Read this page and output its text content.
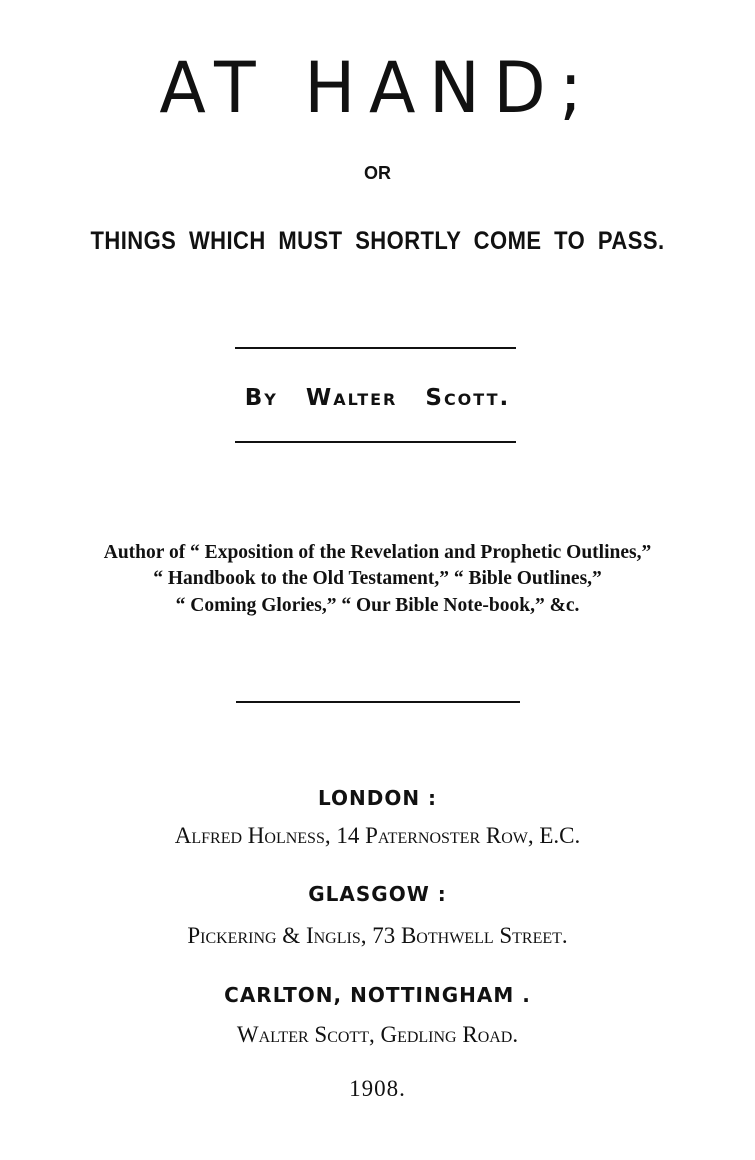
AT HAND;
OR
THINGS WHICH MUST SHORTLY COME TO PASS.
By Walter Scott.
Author of “ Exposition of the Revelation and Prophetic Outlines,”
“ Handbook to the Old Testament,” “ Bible Outlines,”
“ Coming Glories,” “ Our Bible Note-book,” &c.
LONDON :
Alfred Holness, 14 Paternoster Row, E.C.
GLASGOW :
Pickering & Inglis, 73 Bothwell Street.
CARLTON, NOTTINGHAM .
Walter Scott, Gedling Road.
1908.
